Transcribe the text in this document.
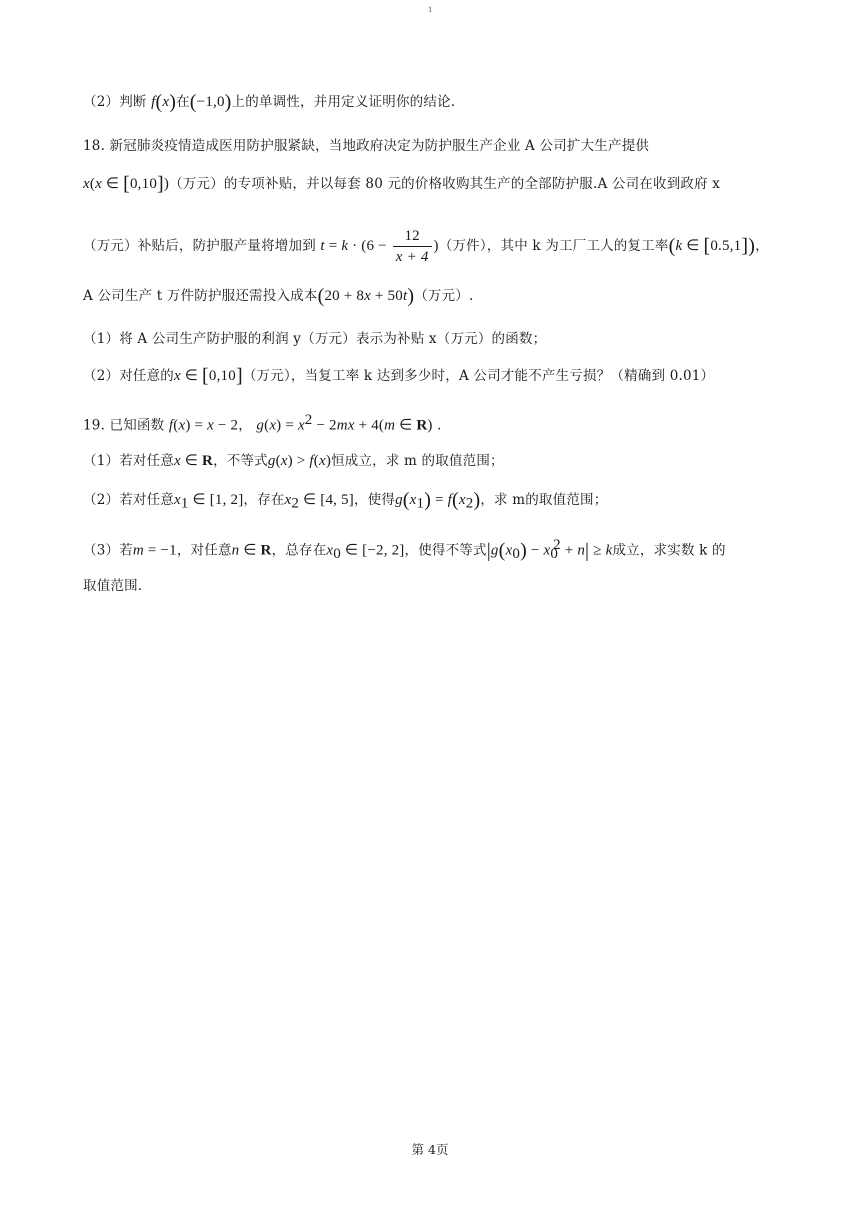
1
（2）判断 f(x)在(−1,0)上的单调性，并用定义证明你的结论.
18. 新冠肺炎疫情造成医用防护服紧缺，当地政府决定为防护服生产企业 A 公司扩大生产提供
x(x ∈ [0,10])（万元）的专项补贴，并以每套 80 元的价格收购其生产的全部防护服.A 公司在收到政府 x
（万元）补贴后，防护服产量将增加到 $t = k \cdot (6 - \frac{12}{x + 4}$ )（万件），其中 k 为工厂工人的复工率(k ∈ [0.5,1])，
A 公司生产 t 万件防护服还需投入成本(20 + 8x + 50t)（万元）.
（1）将 A 公司生产防护服的利润 y（万元）表示为补贴 x（万元）的函数；
（2）对任意的x ∈ [0,10]（万元），当复工率 k 达到多少时，A 公司才能不产生亏损？（精确到 0.01）
19. 已知函数 f(x) = x − 2， $g(x) = x^2 - 2mx + 4(m$ ∈ R) .
（1）若对任意x ∈ R，不等式g(x) > f(x)恒成立，求 m 的取值范围；
（2）若对任意$x_1$ ∈ [1, 2]，存在$x_2$ ∈ [4, 5]，使得$g(x_1) = f(x_2)$，求 m的取值范围；
（3）若m = −1，对任意n ∈ R，总存在$x_0$ ∈ [−2, 2]，使得不等式$|g(x_0) - x_0^2 + n| \ge k$成立，求实数 k 的
取值范围.
第 4页
